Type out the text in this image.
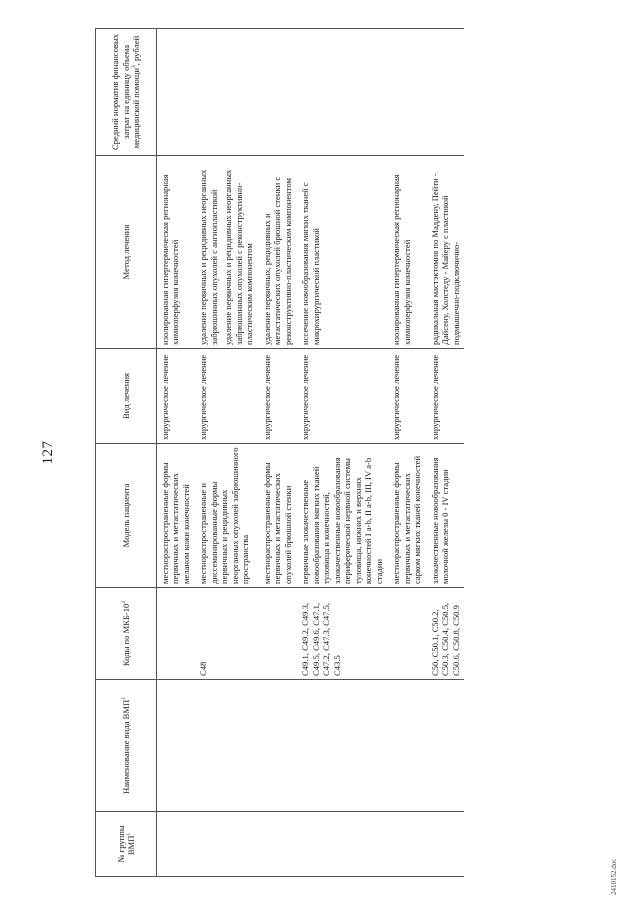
127
№ группы ВМП$^1$	Наименование вида ВМП$^1$	Коды по МКБ-$10^2$	Модель пациента	Вид лечения	Метод лечения	Средний норматив финансовых затрат на единицу объема медицинской помощи$^3$, рублей
			местнораспространенные формы первичных и метастатических меланом кожи конечностей	хирургическое лечение	изолированная гипертермическая регионарная химиоперфузия конечностей	

		C48	местнораспространенные и диссеминированные формы первичных и рецидивных неорганных опухолей забрюшинного пространства	хирургическое лечение	удаление первичных и рецидивных неорганных забрюшинных опухолей с ангиопластикой удаление первичных и рецидивных неорганных забрюшинных опухолей с реконструктивно-пластическим компонентом	

			местнораспространенные формы первичных и метастатических опухолей брюшной стенки	хирургическое лечение	удаление первичных, рецидивных и метастатических опухолей брюшной стенки с реконструктивно-пластическим компонентом	

		C49.1, C49.2, C49.3, C49.5, C49.6, C47.1, C47.2, C47.3, C47.5, C43.5	первичные злокачественные новообразования мягких тканей туловища и конечностей, злокачественные новообразования периферической нервной системы туловища, нижних и верхних конечностей I a-b, II a-b, III, IV a-b стадии	хирургическое лечение	иссечение новообразования мягких тканей с микрохирургической пластикой	

			местнораспространенные формы первичных и метастатических сарком мягких тканей конечностей	хирургическое лечение	изолированная гипертермическая регионарная химиоперфузия конечностей	

		C50, C50.1, C50.2, C50.3, C50.4, C50.5, C50.6, C50.8, C50.9	злокачественные новообразования молочной железы 0 - IV стадии	хирургическое лечение	радикальная мастэктомия по Маддену, Пейти - Дайсену, Холстеду - Майеру с пластикой подмышечно-подключично-	

2410152.doc
